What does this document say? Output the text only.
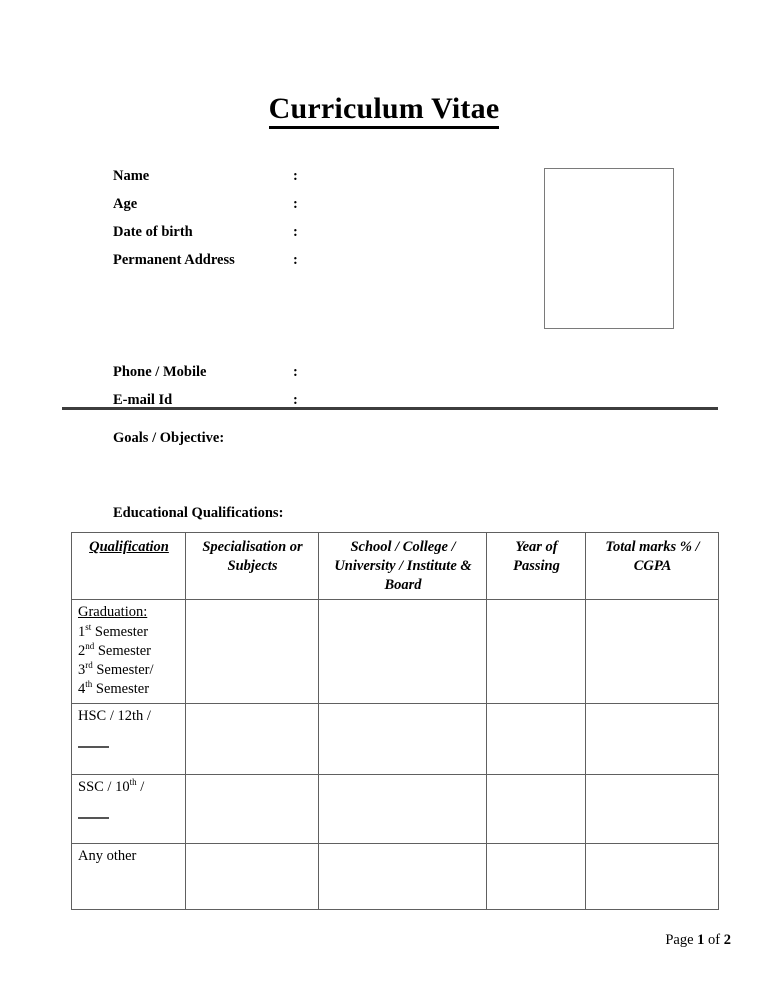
Curriculum Vitae
Name	:
Age	:
Date of birth	:
Permanent Address	:
Phone / Mobile	:
E-mail Id	:
Goals / Objective:
Educational Qualifications:
Qualification	Specialisation or Subjects	School / College / University / Institute & Board	Year of Passing	Total marks % / CGPA

Graduation:
1st Semester
2nd Semester
3rd Semester/
4th Semester				

HSC / 12th /				

SSC / 10th /				

Any other				
Page 1 of 2
